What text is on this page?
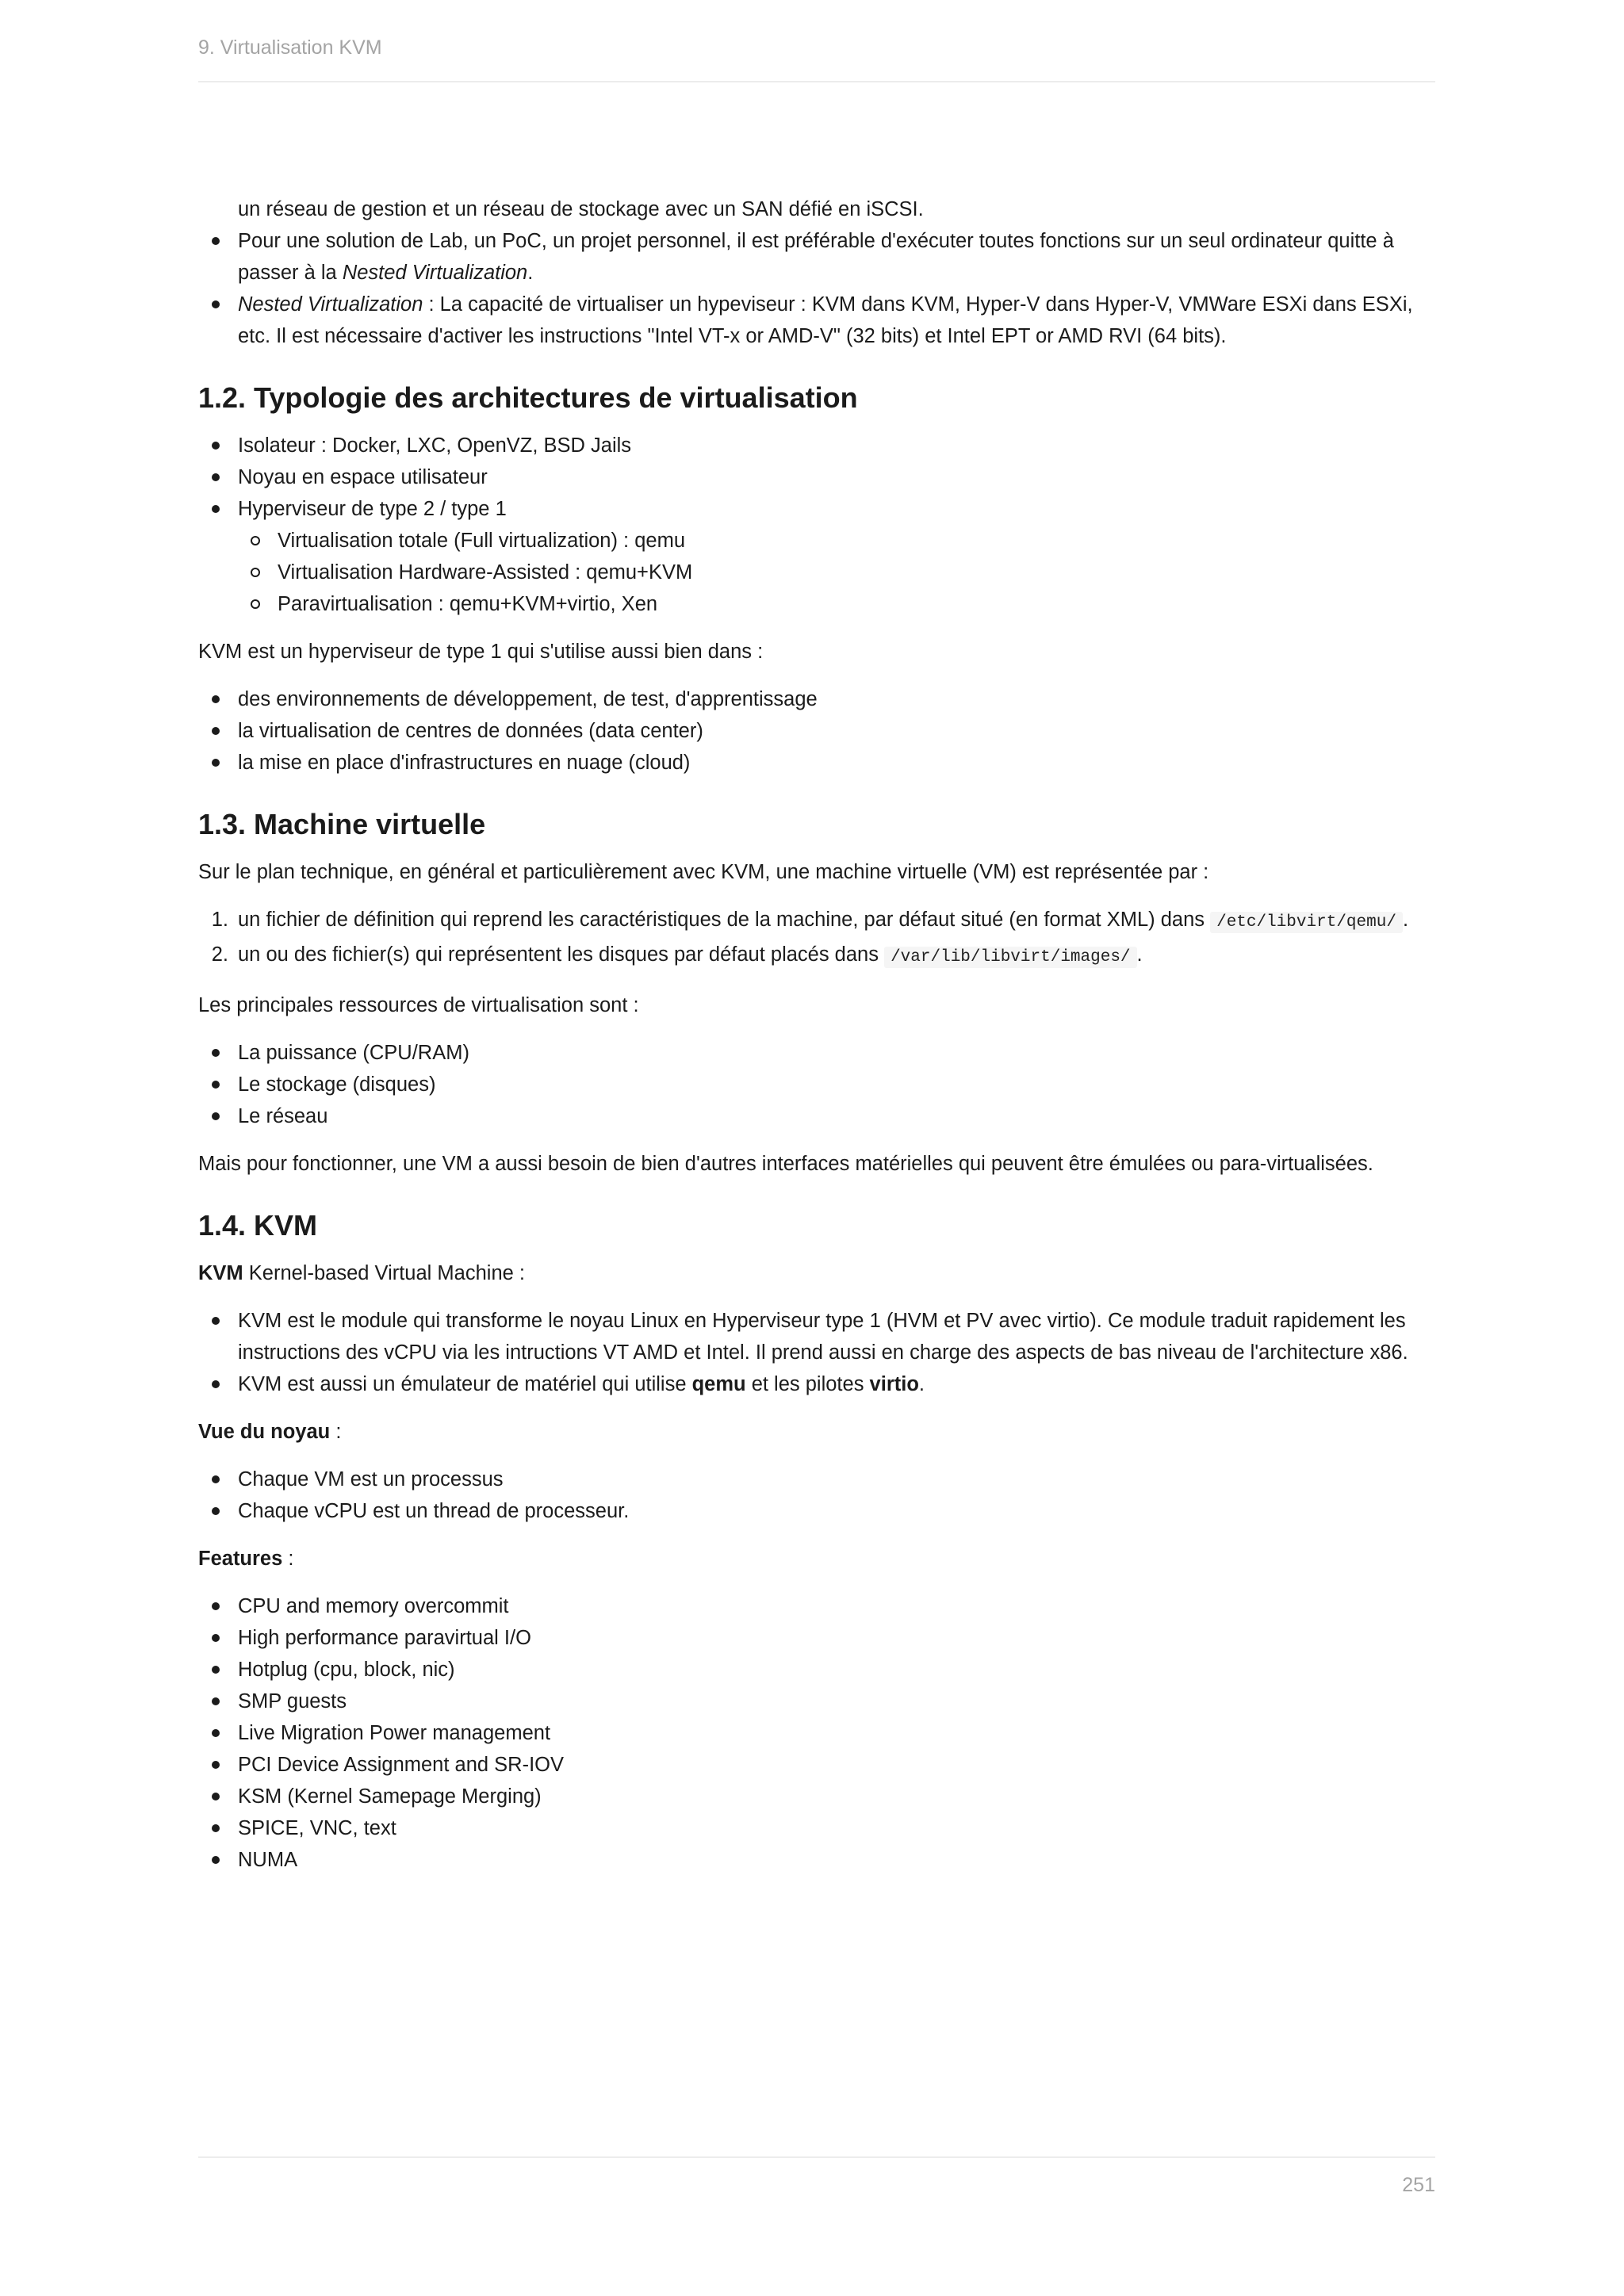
9. Virtualisation KVM

un réseau de gestion et un réseau de stockage avec un SAN défié en iSCSI.

Pour une solution de Lab, un PoC, un projet personnel, il est préférable d'exécuter toutes fonctions sur un seul ordinateur quitte à passer à la Nested Virtualization.
Nested Virtualization : La capacité de virtualiser un hypeviseur : KVM dans KVM, Hyper-V dans Hyper-V, VMWare ESXi dans ESXi, etc. Il est nécessaire d'activer les instructions "Intel VT-x or AMD-V" (32 bits) et Intel EPT or AMD RVI (64 bits).
1.2. Typologie des architectures de virtualisation
Isolateur : Docker, LXC, OpenVZ, BSD Jails
Noyau en espace utilisateur
Hyperviseur de type 2 / type 1
Virtualisation totale (Full virtualization) : qemu
Virtualisation Hardware-Assisted : qemu+KVM
Paravirtualisation : qemu+KVM+virtio, Xen

KVM est un hyperviseur de type 1 qui s'utilise aussi bien dans :

des environnements de développement, de test, d'apprentissage
la virtualisation de centres de données (data center)
la mise en place d'infrastructures en nuage (cloud)
1.3. Machine virtuelle

Sur le plan technique, en général et particulièrement avec KVM, une machine virtuelle (VM) est représentée par :

1. un fichier de définition qui reprend les caractéristiques de la machine, par défaut situé (en format XML) dans /etc/libvirt/qemu/ .
2. un ou des fichier(s) qui représentent les disques par défaut placés dans /var/lib/libvirt/images/ .

Les principales ressources de virtualisation sont :

La puissance (CPU/RAM)
Le stockage (disques)
Le réseau

Mais pour fonctionner, une VM a aussi besoin de bien d'autres interfaces matérielles qui peuvent être émulées ou para-virtualisées.

1.4. KVM

KVM Kernel-based Virtual Machine :

KVM est le module qui transforme le noyau Linux en Hyperviseur type 1 (HVM et PV avec virtio). Ce module traduit rapidement les instructions des vCPU via les intructions VT AMD et Intel. Il prend aussi en charge des aspects de bas niveau de l'architecture x86.
KVM est aussi un émulateur de matériel qui utilise qemu et les pilotes virtio.

Vue du noyau :

Chaque VM est un processus
Chaque vCPU est un thread de processeur.

Features :

CPU and memory overcommit
High performance paravirtual I/O
Hotplug (cpu, block, nic)
SMP guests
Live Migration Power management
PCI Device Assignment and SR-IOV
KSM (Kernel Samepage Merging)
SPICE, VNC, text
NUMA
251
